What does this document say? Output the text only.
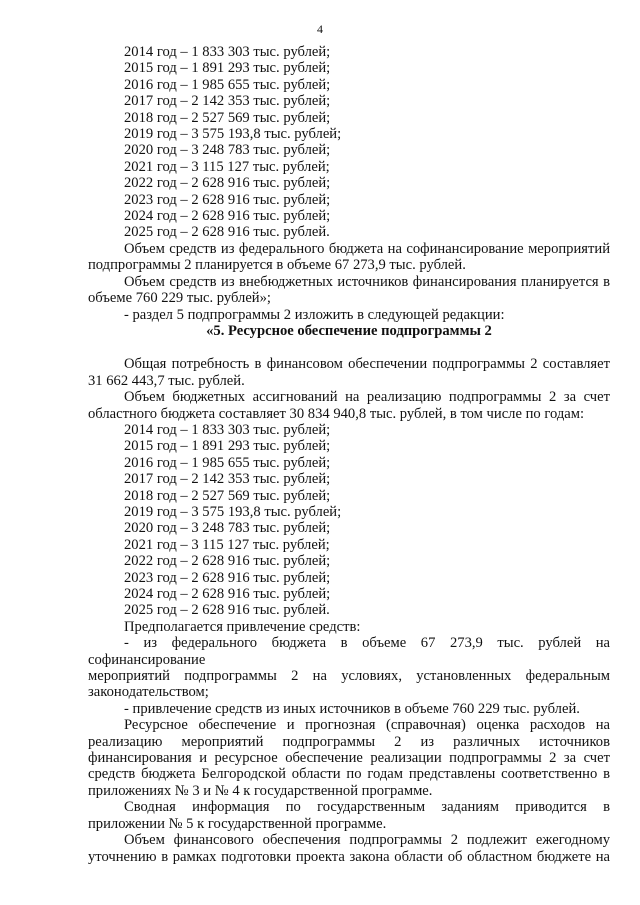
4

2014 год – 1 833 303 тыс. рублей;

2015 год – 1 891 293 тыс. рублей;

2016 год – 1 985 655 тыс. рублей;

2017 год – 2 142 353 тыс. рублей;

2018 год – 2 527 569 тыс. рублей;

2019 год – 3 575 193,8 тыс. рублей;

2020 год – 3 248 783 тыс. рублей;

2021 год – 3 115 127 тыс. рублей;

2022 год – 2 628 916 тыс. рублей;

2023 год – 2 628 916 тыс. рублей;

2024 год – 2 628 916 тыс. рублей;

2025 год – 2 628 916 тыс. рублей.

Объем средств из федерального бюджета на софинансирование мероприятий подпрограммы 2 планируется в объеме 67 273,9 тыс. рублей.

Объем средств из внебюджетных источников финансирования планируется в объеме 760 229 тыс. рублей»;

- раздел 5 подпрограммы 2 изложить в следующей редакции:

«5. Ресурсное обеспечение подпрограммы 2

Общая потребность в финансовом обеспечении подпрограммы 2 составляет 31 662 443,7 тыс. рублей.

Объем бюджетных ассигнований на реализацию подпрограммы 2 за счет областного бюджета составляет 30 834 940,8 тыс. рублей, в том числе по годам:

2014 год – 1 833 303 тыс. рублей;

2015 год – 1 891 293 тыс. рублей;

2016 год – 1 985 655 тыс. рублей;

2017 год – 2 142 353 тыс. рублей;

2018 год – 2 527 569 тыс. рублей;

2019 год – 3 575 193,8 тыс. рублей;

2020 год – 3 248 783 тыс. рублей;

2021 год – 3 115 127 тыс. рублей;

2022 год – 2 628 916 тыс. рублей;

2023 год – 2 628 916 тыс. рублей;

2024 год – 2 628 916 тыс. рублей;

2025 год – 2 628 916 тыс. рублей.

Предполагается привлечение средств:

- из федерального бюджета в объеме 67 273,9 тыс. рублей на софинансирование

мероприятий подпрограммы 2 на условиях, установленных федеральным

законодательством;

- привлечение средств из иных источников в объеме 760 229 тыс. рублей.

Ресурсное обеспечение и прогнозная (справочная) оценка расходов на реализацию мероприятий подпрограммы 2 из различных источников финансирования и ресурсное обеспечение реализации подпрограммы 2 за счет средств бюджета Белгородской области по годам представлены соответственно в приложениях № 3 и № 4 к государственной программе.

Сводная информация по государственным заданиям приводится в приложении № 5 к государственной программе.

Объем финансового обеспечения подпрограммы 2 подлежит ежегодному уточнению в рамках подготовки проекта закона области об областном бюджете на
